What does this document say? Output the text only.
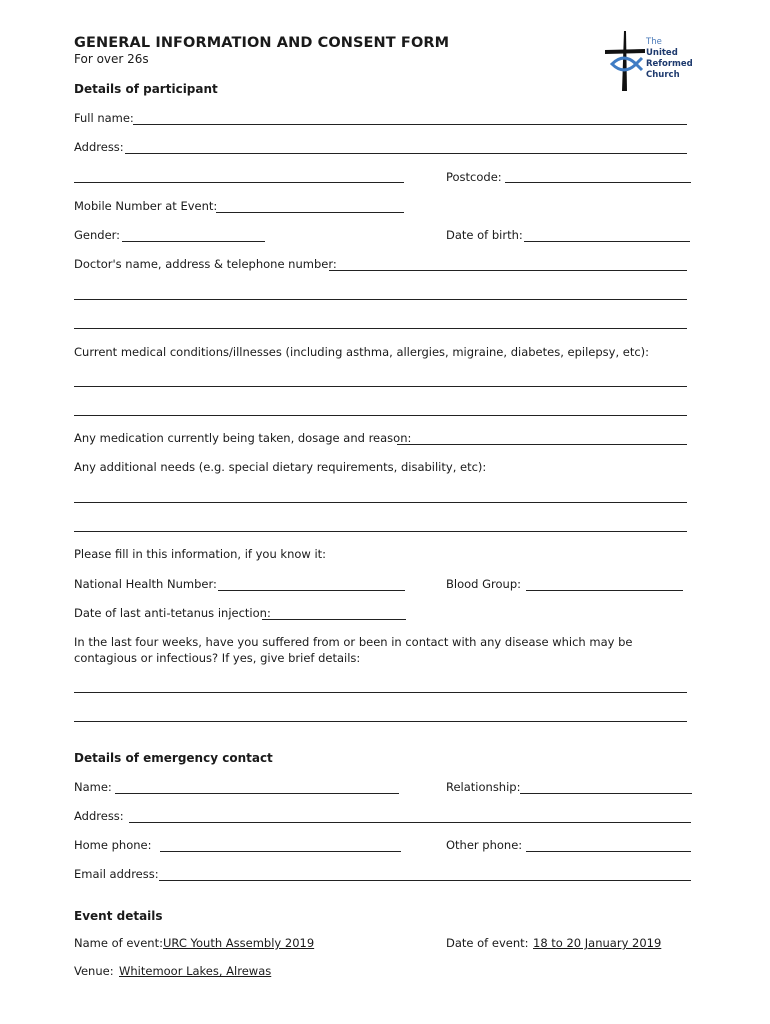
GENERAL INFORMATION AND CONSENT FORM
For over 26s
The
United
Reformed
Church
Details of participant
Full name:
Address:
Postcode:
Mobile Number at Event:
Gender:	Date of birth:
Doctor's name, address & telephone number:
Current medical conditions/illnesses (including asthma, allergies, migraine, diabetes, epilepsy, etc):
Any medication currently being taken, dosage and reason:
Any additional needs (e.g. special dietary requirements, disability, etc):
Please fill in this information, if you know it:
National Health Number:	Blood Group:
Date of last anti-tetanus injection:
In the last four weeks, have you suffered from or been in contact with any disease which may be contagious or infectious? If yes, give brief details:
Details of emergency contact
Name:	Relationship:
Address:
Home phone:	Other phone:
Email address:
Event details
Name of event: URC Youth Assembly 2019	Date of event: 18 to 20 January 2019
Venue: Whitemoor Lakes, Alrewas
